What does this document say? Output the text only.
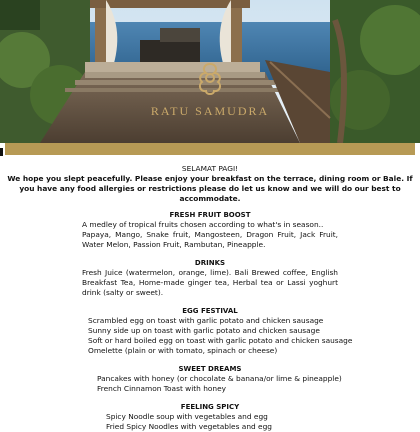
RATU SAMUDRA
SELAMAT PAGI!
We hope you slept peacefully. Please enjoy your breakfast on the terrace, dining room or Bale. If you have any food allergies or restrictions please do let us know and we will do our best to accommodate.
FRESH FRUIT BOOST
A medley of tropical fruits chosen according to what's in season..
Papaya, Mango, Snake fruit, Mangosteen, Dragon Fruit, Jack Fruit, Water Melon, Passion Fruit, Rambutan, Pineapple.
DRINKS
Fresh Juice (watermelon, orange, lime). Bali Brewed coffee, English Breakfast Tea, Home-made ginger tea, Herbal tea or Lassi yoghurt drink (salty or sweet).
EGG FESTIVAL
Scrambled egg on toast with garlic potato and chicken sausage
Sunny side up on toast with garlic potato and chicken sausage
Soft or hard boiled egg on toast with garlic potato and chicken sausage
Omelette (plain or with tomato, spinach or cheese)
SWEET DREAMS
Pancakes with honey (or chocolate & banana/or lime & pineapple)
French Cinnamon Toast with honey
FEELING SPICY
Spicy Noodle soup with vegetables and egg
Fried Spicy Noodles with vegetables and egg
